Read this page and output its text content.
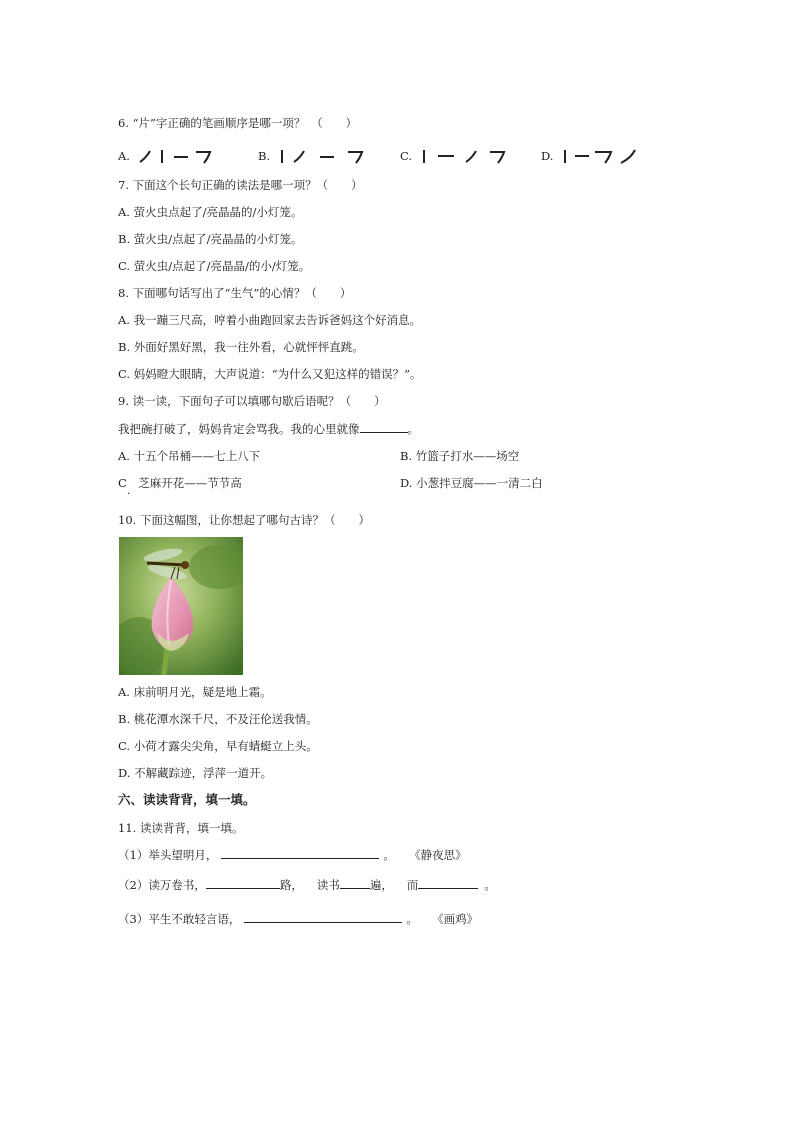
6. “片”字正确的笔画顺序是哪一项？　（　　）
A.	B.	C.	D.
7. 下面这个长句正确的读法是哪一项？（　　）
A. 萤火虫点起了/亮晶晶的/小灯笼。
B. 萤火虫/点起了/亮晶晶的小灯笼。
C. 萤火虫/点起了/亮晶晶/的小/灯笼。
8. 下面哪句话写出了“生气”的心情？（　　）
A. 我一蹦三尺高，哼着小曲跑回家去告诉爸妈这个好消息。
B. 外面好黑好黑，我一往外看，心就怦怦直跳。
C. 妈妈瞪大眼睛，大声说道：“为什么又犯这样的错误？”。
9. 读一读，下面句子可以填哪句歇后语呢？（　　）
我把碗打破了，妈妈肯定会骂我。我的心里就像	。
A. 十五个吊桶——七上八下	B. 竹篮子打水——场空
C　芝麻开花——节节高
·
D. 小葱拌豆腐——一清二白
10. 下面这幅图，让你想起了哪句古诗？（　　）
A. 床前明月光，疑是地上霜。
B. 桃花潭水深千尺，不及汪伦送我情。
C. 小荷才露尖尖角，早有蜻蜓立上头。
D. 不解藏踪迹，浮萍一道开。
六、读读背背，填一填。
11. 读读背背，填一填。
（1）举头望明月，	。 《静夜思》
（2）读万卷书，	路， 读书	遍， 而	。
（3）平生不敢轻言语，	。 《画鸡》
